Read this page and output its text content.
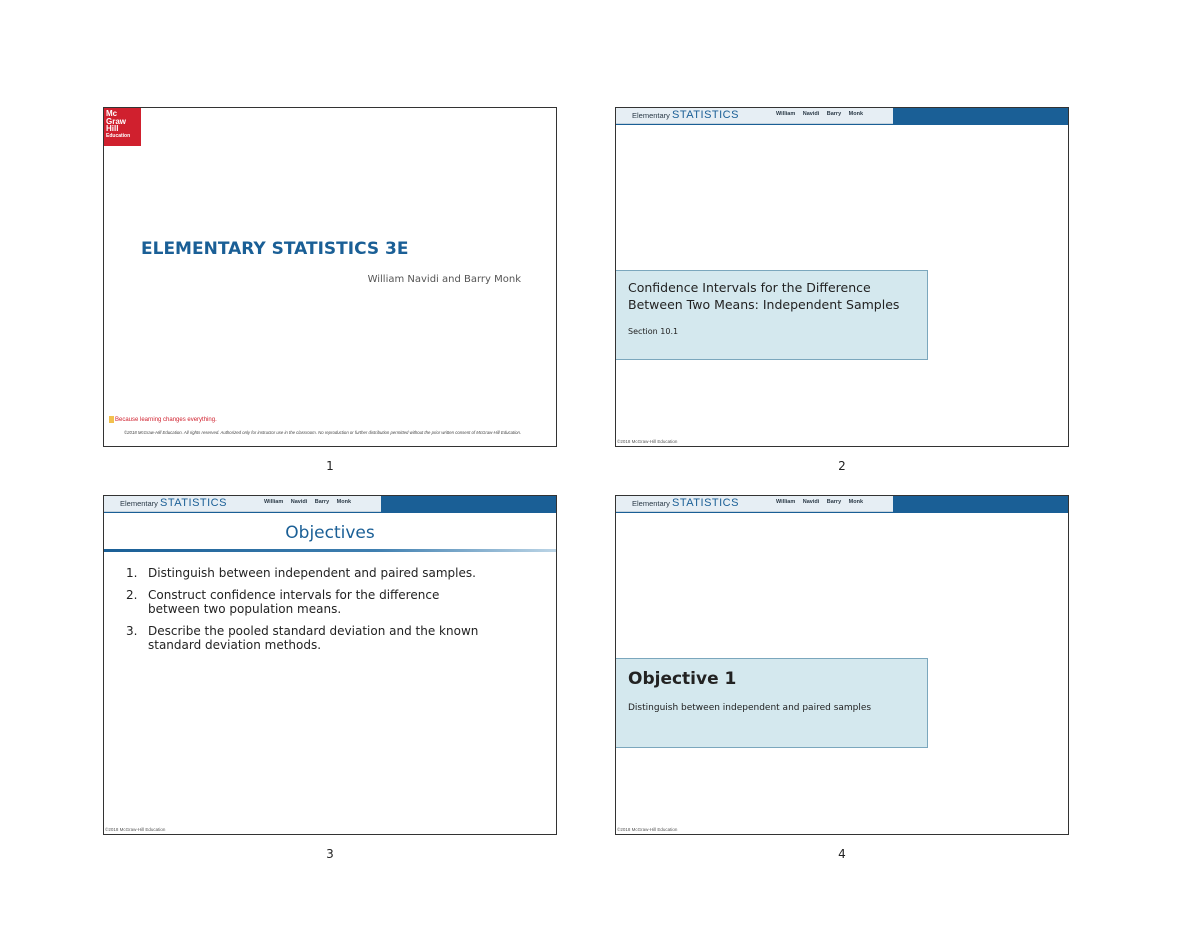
Mc
Graw
Hill
Education
ELEMENTARY STATISTICS 3E
William Navidi and Barry Monk
Because learning changes everything.
©2018 McGraw-Hill Education. All rights reserved. Authorized only for instructor use in the classroom. No reproduction or further distribution permitted without the prior written consent of McGraw-Hill Education.
1
Elementary STATISTICS	William Navidi Barry Monk
Confidence Intervals for the Difference Between Two Means: Independent Samples
Section 10.1
©2018 McGraw-Hill Education
2
Elementary STATISTICS	William Navidi Barry Monk
Objectives
1. Distinguish between independent and paired samples.
2. Construct confidence intervals for the difference between two population means.
3. Describe the pooled standard deviation and the known standard deviation methods.
©2018 McGraw-Hill Education
3
Elementary STATISTICS	William Navidi Barry Monk
Objective 1
Distinguish between independent and paired samples
©2018 McGraw-Hill Education
4
